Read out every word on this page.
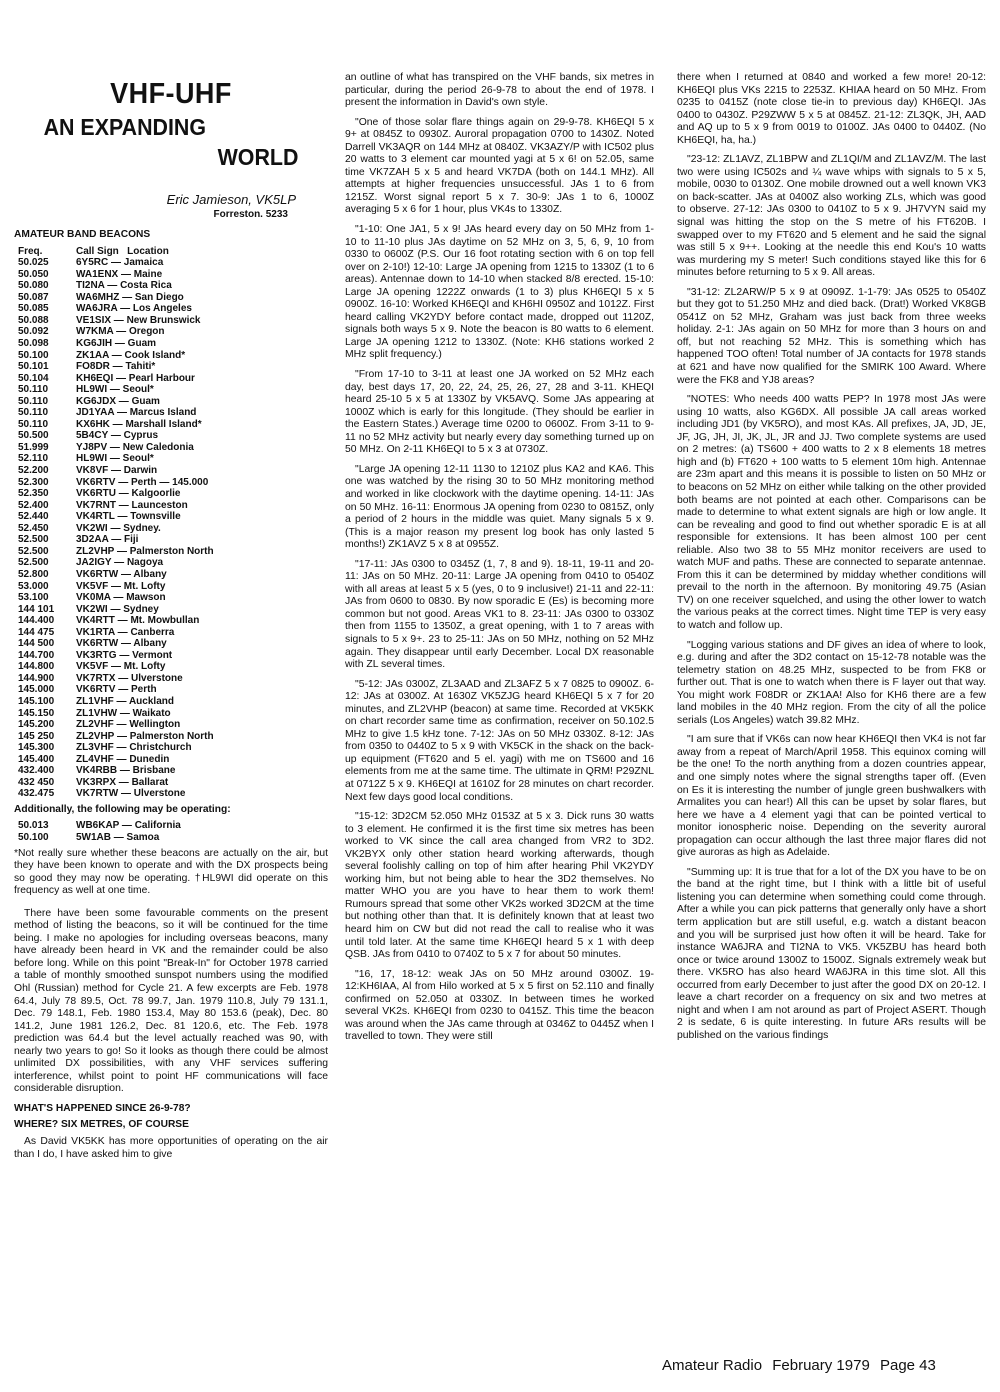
VHF-UHF
AN EXPANDING
WORLD
Eric Jamieson, VK5LP
Forreston. 5233
AMATEUR BAND BEACONS
Freq.	Call Sign Location
50.025	6Y5RC — Jamaica
50.050	WA1ENX — Maine
50.080	TI2NA — Costa Rica
50.087	WA6MHZ — San Diego
50.085	WA6JRA — Los Angeles
50.088	VE1SIX — New Brunswick
50.092	W7KMA — Oregon
50.098	KG6JIH — Guam
50.100	ZK1AA — Cook Island*
50.101	FO8DR — Tahiti*
50.104	KH6EQI — Pearl Harbour
50.110	HL9WI — Seoul*
50.110	KG6JDX — Guam
50.110	JD1YAA — Marcus Island
50.110	KX6HK — Marshall Island*
50.500	5B4CY — Cyprus
51.999	YJ8PV — New Caledonia
52.110	HL9WI — Seoul*
52.200	VK8VF — Darwin
52.300	VK6RTV — Perth — 145.000
52.350	VK6RTU — Kalgoorlie
52.400	VK7RNT — Launceston
52.440	VK4RTL — Townsville
52.450	VK2WI — Sydney.
52.500	3D2AA — Fiji
52.500	ZL2VHP — Palmerston North
52.500	JA2IGY — Nagoya
52.800	VK6RTW — Albany
53.000	VK5VF — Mt. Lofty
53.100	VK0MA — Mawson
144 101	VK2WI — Sydney
144.400	VK4RTT — Mt. Mowbullan
144 475	VK1RTA — Canberra
144 500	VK6RTW — Albany
144.700	VK3RTG — Vermont
144.800	VK5VF — Mt. Lofty
144.900	VK7RTX — Ulverstone
145.000	VK6RTV — Perth
145.100	ZL1VHF — Auckland
145.150	ZL1VHW — Waikato
145.200	ZL2VHF — Wellington
145 250	ZL2VHP — Palmerston North
145.300	ZL3VHF — Christchurch
145.400	ZL4VHF — Dunedin
432.400	VK4RBB — Brisbane
432 450	VK3RPX — Ballarat
432.475	VK7RTW — Ulverstone
Additionally, the following may be operating:
50.013	WB6KAP — California
50.100	5W1AB — Samoa
*Not really sure whether these beacons are actually on the air, but they have been known to operate and with the DX prospects being so good they may now be operating. †HL9WI did operate on this frequency as well at one time.

There have been some favourable comments on the present method of listing the beacons, so it will be continued for the time being. I make no apologies for including overseas beacons, many have already been heard in VK and the remainder could be also before long. While on this point "Break-In" for October 1978 carried a table of monthly smoothed sunspot numbers using the modified Ohl (Russian) method for Cycle 21. A few excerpts are Feb. 1978 64.4, July 78 89.5, Oct. 78 99.7, Jan. 1979 110.8, July 79 131.1, Dec. 79 148.1, Feb. 1980 153.4, May 80 153.6 (peak), Dec. 80 141.2, June 1981 126.2, Dec. 81 120.6, etc. The Feb. 1978 prediction was 64.4 but the level actually reached was 90, with nearly two years to go! So it looks as though there could be almost unlimited DX possibilities, with any VHF services suffering interference, whilst point to point HF communications will face considerable disruption.

WHAT'S HAPPENED SINCE 26-9-78?
WHERE? SIX METRES, OF COURSE

As David VK5KK has more opportunities of operating on the air than I do, I have asked him to give

an outline of what has transpired on the VHF bands, six metres in particular, during the period 26-9-78 to about the end of 1978. I present the information in David's own style.

"One of those solar flare things again on 29-9-78. KH6EQI 5 x 9+ at 0845Z to 0930Z. Auroral propagation 0700 to 1430Z. Noted Darrell VK3AQR on 144 MHz at 0840Z. VK3AZY/P with IC502 plus 20 watts to 3 element car mounted yagi at 5 x 6! on 52.05, same time VK7ZAH 5 x 5 and heard VK7DA (both on 144.1 MHz). All attempts at higher frequencies unsuccessful. JAs 1 to 6 from 1215Z. Worst signal report 5 x 7. 30-9: JAs 1 to 6, 1000Z averaging 5 x 6 for 1 hour, plus VK4s to 1330Z.

"1-10: One JA1, 5 x 9! JAs heard every day on 50 MHz from 1-10 to 11-10 plus JAs daytime on 52 MHz on 3, 5, 6, 9, 10 from 0330 to 0600Z (P.S. Our 16 foot rotating section with 6 on top fell over on 2-10!) 12-10: Large JA opening from 1215 to 1330Z (1 to 6 areas). Antennae down to 14-10 when stacked 8/8 erected. 15-10: Large JA opening 1222Z onwards (1 to 3) plus KH6EQI 5 x 5 0900Z. 16-10: Worked KH6EQI and KH6HI 0950Z and 1012Z. First heard calling VK2YDY before contact made, dropped out 1120Z, signals both ways 5 x 9. Note the beacon is 80 watts to 6 element. Large JA opening 1212 to 1330Z. (Note: KH6 stations worked 2 MHz split frequency.)

"From 17-10 to 3-11 at least one JA worked on 52 MHz each day, best days 17, 20, 22, 24, 25, 26, 27, 28 and 3-11. KHEQI heard 25-10 5 x 5 at 1330Z by VK5AVQ. Some JAs appearing at 1000Z which is early for this longitude. (They should be earlier in the Eastern States.) Average time 0200 to 0600Z. From 3-11 to 9-11 no 52 MHz activity but nearly every day something turned up on 50 MHz. On 2-11 KH6EQI to 5 x 3 at 0730Z.

"Large JA opening 12-11 1130 to 1210Z plus KA2 and KA6. This one was watched by the rising 30 to 50 MHz monitoring method and worked in like clockwork with the daytime opening. 14-11: JAs on 50 MHz. 16-11: Enormous JA opening from 0230 to 0815Z, only a period of 2 hours in the middle was quiet. Many signals 5 x 9. (This is a major reason my present log book has only lasted 5 months!) ZK1AVZ 5 x 8 at 0955Z.

"17-11: JAs 0300 to 0345Z (1, 7, 8 and 9). 18-11, 19-11 and 20-11: JAs on 50 MHz. 20-11: Large JA opening from 0410 to 0540Z with all areas at least 5 x 5 (yes, 0 to 9 inclusive!) 21-11 and 22-11: JAs from 0600 to 0830. By now sporadic E (Es) is becoming more common but not good. Areas VK1 to 8. 23-11: JAs 0300 to 0330Z then from 1155 to 1350Z, a great opening, with 1 to 7 areas with signals to 5 x 9+. 23 to 25-11: JAs on 50 MHz, nothing on 52 MHz again. They disappear until early December. Local DX reasonable with ZL several times.

"5-12: JAs 0300Z, ZL3AAD and ZL3AFZ 5 x 7 0825 to 0900Z. 6-12: JAs at 0300Z. At 1630Z VK5ZJG heard KH6EQI 5 x 7 for 20 minutes, and ZL2VHP (beacon) at same time. Recorded at VK5KK on chart recorder same time as confirmation, receiver on 50.102.5 MHz to give 1.5 kHz tone. 7-12: JAs on 50 MHz 0330Z. 8-12: JAs from 0350 to 0440Z to 5 x 9 with VK5CK in the shack on the back-up equipment (FT620 and 5 el. yagi) with me on TS600 and 16 elements from me at the same time. The ultimate in QRM! P29ZNL at 0712Z 5 x 9. KH6EQI at 1610Z for 28 minutes on chart recorder. Next few days good local conditions.

"15-12: 3D2CM 52.050 MHz 0153Z at 5 x 3. Dick runs 30 watts to 3 element. He confirmed it is the first time six metres has been worked to VK since the call area changed from VR2 to 3D2. VK2BYX only other station heard working afterwards, though several foolishly calling on top of him after hearing Phil VK2YDY working him, but not being able to hear the 3D2 themselves. No matter WHO you are you have to hear them to work them! Rumours spread that some other VK2s worked 3D2CM at the time but nothing other than that. It is definitely known that at least two heard him on CW but did not read the call to realise who it was until told later. At the same time KH6EQI heard 5 x 1 with deep QSB. JAs from 0410 to 0740Z to 5 x 7 for about 50 minutes.

"16, 17, 18-12: weak JAs on 50 MHz around 0300Z. 19-12:KH6IAA, Al from Hilo worked at 5 x 5 first on 52.110 and finally confirmed on 52.050 at 0330Z. In between times he worked several VK2s. KH6EQI from 0230 to 0415Z. This time the beacon was around when the JAs came through at 0346Z to 0445Z when I travelled to town. They were still

there when I returned at 0840 and worked a few more! 20-12: KH6EQI plus VKs 2215 to 2253Z. KHIAA heard on 50 MHz. From 0235 to 0415Z (note close tie-in to previous day) KH6EQI. JAs 0400 to 0430Z. P29ZWW 5 x 5 at 0845Z. 21-12: ZL3QK, JH, AAD and AQ up to 5 x 9 from 0019 to 0100Z. JAs 0400 to 0440Z. (No KH6EQI, ha, ha.)

"23-12: ZL1AVZ, ZL1BPW and ZL1QI/M and ZL1AVZ/M. The last two were using IC502s and ¼ wave whips with signals to 5 x 5, mobile, 0030 to 0130Z. One mobile drowned out a well known VK3 on back-scatter. JAs at 0400Z also working ZLs, which was good to observe. 27-12: JAs 0300 to 0410Z to 5 x 9. JH7VYN said my signal was hitting the stop on the S metre of his FT620B. I swapped over to my FT620 and 5 element and he said the signal was still 5 x 9++. Looking at the needle this end Kou's 10 watts was murdering my S meter! Such conditions stayed like this for 6 minutes before returning to 5 x 9. All areas.

"31-12: ZL2ARW/P 5 x 9 at 0909Z. 1-1-79: JAs 0525 to 0540Z but they got to 51.250 MHz and died back. (Drat!) Worked VK8GB 0541Z on 52 MHz, Graham was just back from three weeks holiday. 2-1: JAs again on 50 MHz for more than 3 hours on and off, but not reaching 52 MHz. This is something which has happened TOO often! Total number of JA contacts for 1978 stands at 621 and have now qualified for the SMIRK 100 Award. Where were the FK8 and YJ8 areas?

"NOTES: Who needs 400 watts PEP? In 1978 most JAs were using 10 watts, also KG6DX. All possible JA call areas worked including JD1 (by VK5RO), and most KAs. All prefixes, JA, JD, JE, JF, JG, JH, JI, JK, JL, JR and JJ. Two complete systems are used on 2 metres: (a) TS600 + 400 watts to 2 x 8 elements 18 metres high and (b) FT620 + 100 watts to 5 element 10m high. Antennae are 23m apart and this means it is possible to listen on 50 MHz or to beacons on 52 MHz on either while talking on the other provided both beams are not pointed at each other. Comparisons can be made to determine to what extent signals are high or low angle. It can be revealing and good to find out whether sporadic E is at all responsible for extensions. It has been almost 100 per cent reliable. Also two 38 to 55 MHz monitor receivers are used to watch MUF and paths. These are connected to separate antennae. From this it can be determined by midday whether conditions will prevail to the north in the afternoon. By monitoring 49.75 (Asian TV) on one receiver squelched, and using the other lower to watch the various peaks at the correct times. Night time TEP is very easy to watch and follow up.

"Logging various stations and DF gives an idea of where to look, e.g. during and after the 3D2 contact on 15-12-78 notable was the telemetry station on 48.25 MHz, suspected to be from FK8 or further out. That is one to watch when there is F layer out that way. You might work F08DR or ZK1AA! Also for KH6 there are a few land mobiles in the 40 MHz region. From the city of all the police serials (Los Angeles) watch 39.82 MHz.

"I am sure that if VK6s can now hear KH6EQI then VK4 is not far away from a repeat of March/April 1958. This equinox coming will be the one! To the north anything from a dozen countries appear, and one simply notes where the signal strengths taper off. (Even on Es it is interesting the number of jungle green bushwalkers with Armalites you can hear!) All this can be upset by solar flares, but here we have a 4 element yagi that can be pointed vertical to monitor ionospheric noise. Depending on the severity auroral propagation can occur although the last three major flares did not give auroras as high as Adelaide.

"Summing up: It is true that for a lot of the DX you have to be on the band at the right time, but I think with a little bit of useful listening you can determine when something could come through. After a while you can pick patterns that generally only have a short term application but are still useful, e.g. watch a distant beacon and you will be surprised just how often it will be heard. Take for instance WA6JRA and TI2NA to VK5. VK5ZBU has heard both once or twice around 1300Z to 1500Z. Signals extremely weak but there. VK5RO has also heard WA6JRA in this time slot. All this occurred from early December to just after the good DX on 20-12. I leave a chart recorder on a frequency on six and two metres at night and when I am not around as part of Project ASERT. Though 2 is sedate, 6 is quite interesting. In future ARs results will be published on the various findings

Amateur Radio February 1979 Page 43
